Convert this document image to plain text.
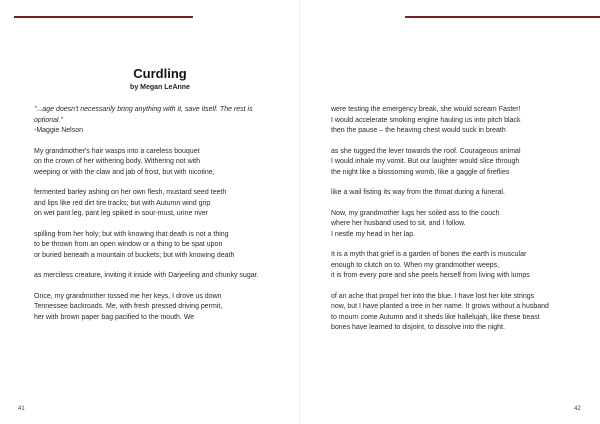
Curdling
by Megan LeAnne

"...age doesn't necessarily bring anything with it, save itself. The rest is
optional."
-Maggie Nelson

My grandmother's hair wasps into a careless bouquet
on the crown of her withering body. Withering not with
weeping or with the claw and jab of frost, but with nicotine,

fermented barley ashing on her own flesh, mustard seed teeth
and lips like red dirt tire tracks; but with Autumn wind grip
on wet pant leg, pant leg spiked in sour-must, urine river

spilling from her holy; but with knowing that death is not a thing
to be thrown from an open window or a thing to be spat upon
or buried beneath a mountain of buckets; but with knowing death

as merciless creature, inviting it inside with Darjeeling and chunky sugar.

Once, my grandmother tossed me her keys, I drove us down
Tennessee backroads. Me, with fresh pressed driving permit,
her with brown paper bag pacified to the mouth. We

41

were testing the emergency break, she would scream Faster!
I would accelerate smoking engine hauling us into pitch black
then the pause – the heaving chest would suck in breath

as she tugged the lever towards the roof. Courageous animal
I would inhale my vomit. But our laughter would slice through
the night like a blossoming womb, like a gaggle of fireflies

like a wail fisting its way from the throat during a funeral.

Now, my grandmother lugs her soiled ass to the couch
where her husband used to sit, and I follow.
I nestle my head in her lap.

It is a myth that grief is a garden of bones the earth is muscular
enough to clutch on to. When my grandmother weeps,
it is from every pore and she peels herself from living with lumps

of an ache that propel her into the blue. I have lost her kite strings
now, but I have planted a tree in her name. It grows without a husband
to mourn come Autumn and it sheds like hallelujah, like these beast
bones have learned to disjoint, to dissolve into the night.

42
